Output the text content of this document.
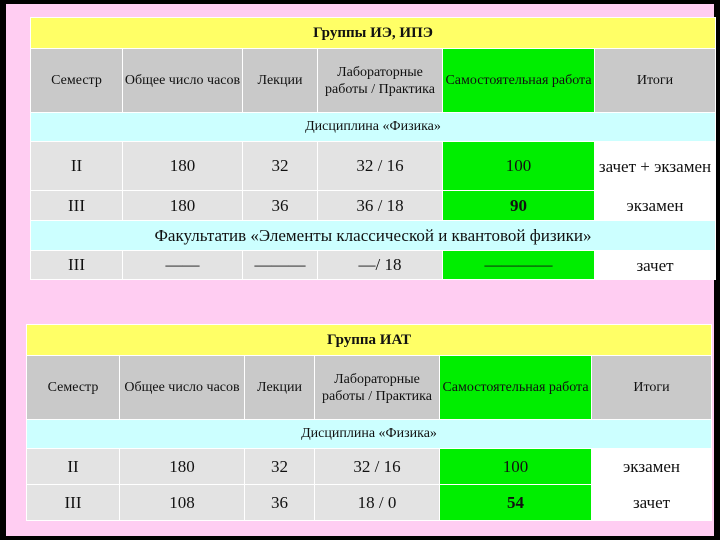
Группы ИЭ, ИПЭ					
Семестр	Общее число часов	Лекции	Лабораторные работы / Практика	Самостоятельная работа	Итоги
Дисциплина «Физика»					
II	180	32	32 / 16	100	зачет + экзамен
III	180	36	36 / 18	90	экзамен
Факультатив «Элементы классической и квантовой физики»					
III	——	———	—/ 18	————	зачет
Группа ИАТ					
Семестр	Общее число часов	Лекции	Лабораторные работы / Практика	Самостоятельная работа	Итоги
Дисциплина «Физика»					
II	180	32	32 / 16	100	экзамен
III	108	36	18 / 0	54	зачет
